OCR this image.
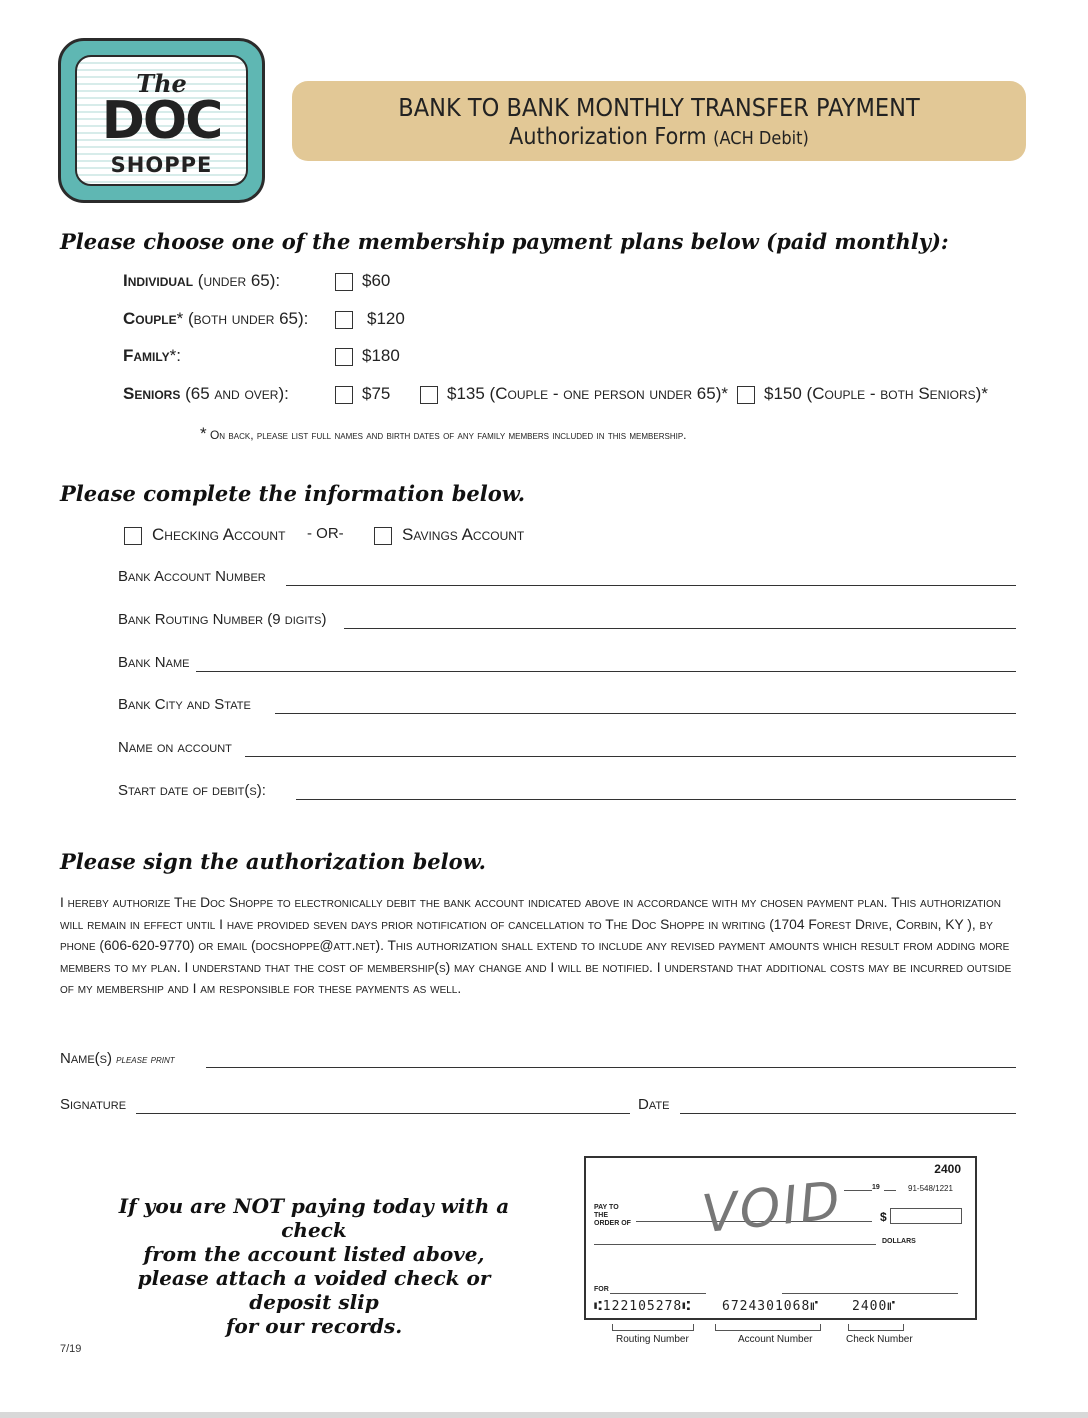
The
DOC
SHOPPE
BANK TO BANK MONTHLY TRANSFER PAYMENT
Authorization Form (ACH Debit)
Please choose one of the membership payment plans below (paid monthly):
Individual (under 65):	$60
Couple* (both under 65):	$120
Family*:	$180
Seniors (65 and over):	$75	$135 (Couple - one person under 65)* $150 (Couple - both Seniors)*
* On back, please list full names and birth dates of any family members included in this membership.
Please complete the information below.
Checking Account - OR-	Savings Account
Bank Account Number
Bank Routing Number (9 digits)
Bank Name
Bank City and State
Name on account
Start date of debit(s):
Please sign the authorization below.
I hereby authorize The Doc Shoppe to electronically debit the bank account indicated above in accordance with my chosen payment plan. This authorization will remain in effect until I have provided seven days prior notification of cancellation to The Doc Shoppe in writing (1704 Forest Drive, Corbin, KY ), by phone (606-620-9770) or email (docshoppe@att.net). This authorization shall extend to include any revised payment amounts which result from adding more members to my plan. I understand that the cost of membership(s) may change and I will be notified. I understand that additional costs may be incurred outside of my membership and I am responsible for these payments as well.
Name(s) please print
Signature	Date
If you are NOT paying today with a check
from the account listed above,
please attach a voided check or deposit slip
for our records.
2400
19	91-548/1221
PAY TO THE ORDER OF	$
DOLLARS
VOID
FOR
⑆122105278⑆ 6724301068⑈	2400⑈
Routing Number	Account Number	Check Number
7/19
